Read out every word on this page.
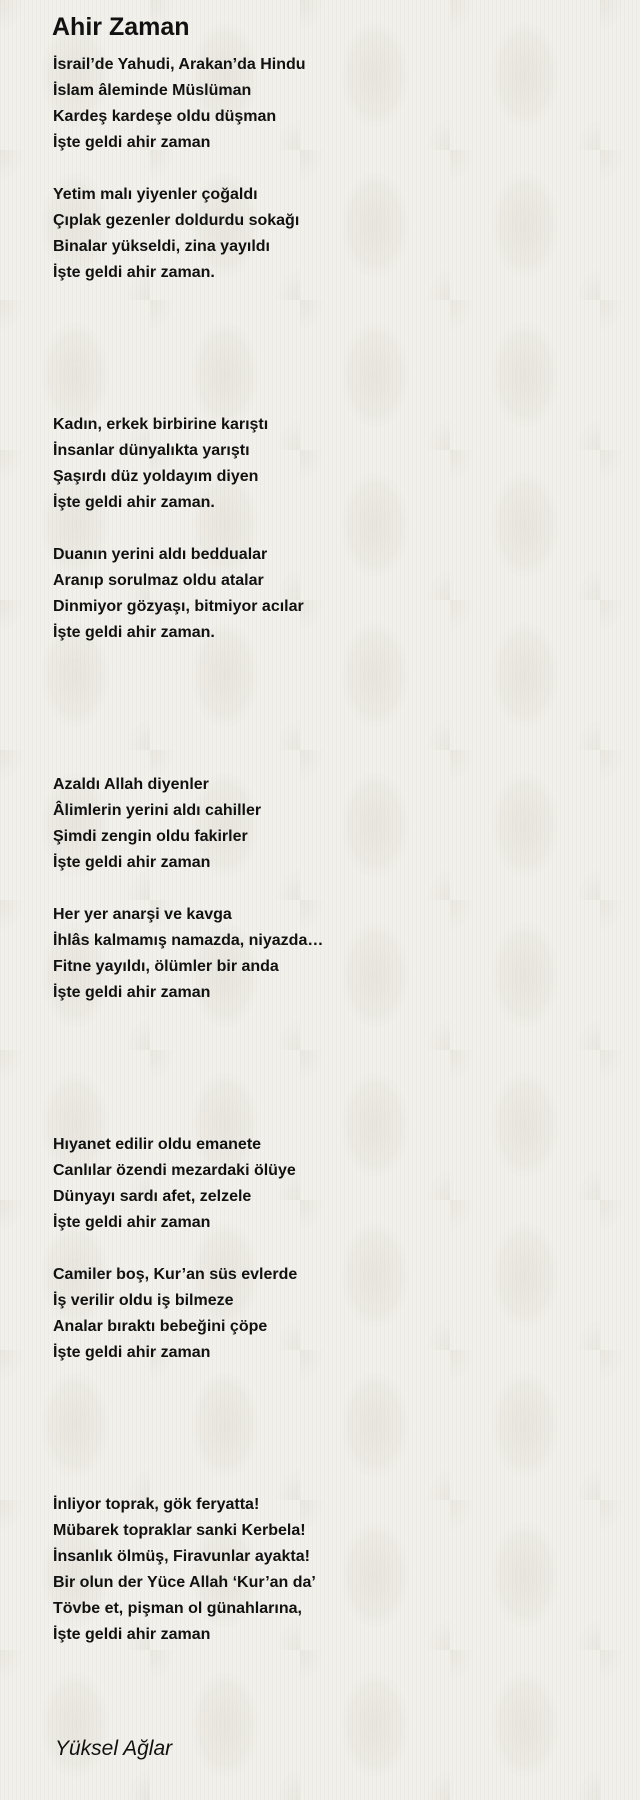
Ahir Zaman
İsrail’de Yahudi, Arakan’da Hindu
İslam âleminde Müslüman
Kardeş kardeşe oldu düşman
İşte geldi ahir zaman
Yetim malı yiyenler çoğaldı
Çıplak gezenler doldurdu sokağı
Binalar yükseldi, zina yayıldı
İşte geldi ahir zaman.
Kadın, erkek birbirine karıştı
İnsanlar dünyalıkta yarıştı
Şaşırdı düz yoldayım diyen
İşte geldi ahir zaman.
Duanın yerini aldı beddualar
Aranıp sorulmaz oldu atalar
Dinmiyor gözyaşı, bitmiyor acılar
İşte geldi ahir zaman.
Azaldı Allah diyenler
Âlimlerin yerini aldı cahiller
Şimdi zengin oldu fakirler
İşte geldi ahir zaman
Her yer anarşi ve kavga
İhlâs kalmamış namazda, niyazda…
Fitne yayıldı, ölümler bir anda
İşte geldi ahir zaman
Hıyanet edilir oldu emanete
Canlılar özendi mezardaki ölüye
Dünyayı sardı afet, zelzele
İşte geldi ahir zaman
Camiler boş, Kur’an süs evlerde
İş verilir oldu iş bilmeze
Analar bıraktı bebeğini çöpe
İşte geldi ahir zaman
İnliyor toprak, gök feryatta!
Mübarek topraklar sanki Kerbela!
İnsanlık ölmüş, Firavunlar ayakta!
Bir olun der Yüce Allah ‘Kur’an da’
Tövbe et, pişman ol günahlarına,
İşte geldi ahir zaman

Yüksel Ağlar
